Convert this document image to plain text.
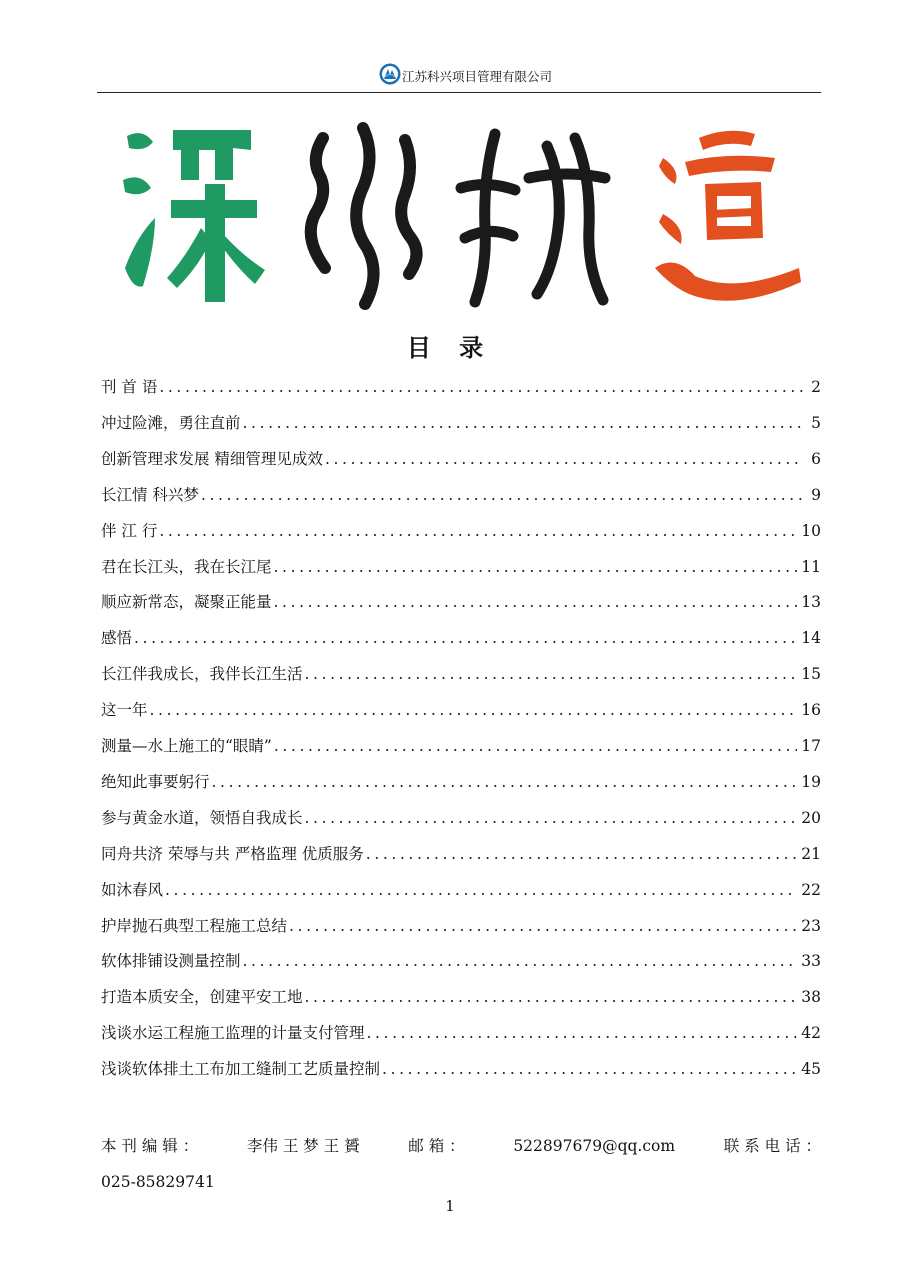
江苏科兴项目管理有限公司
目 录
刊 首 语 .....	2
冲过险滩，勇往直前 .....	5
创新管理求发展 精细管理见成效 .....	6
长江情 科兴梦 .....	9
伴 江 行 .....	10
君在长江头，我在长江尾 .....	11
顺应新常态，凝聚正能量 .....	13
感悟 .....	14
长江伴我成长，我伴长江生活 .....	15
这一年 .....	16
测量—水上施工的“眼睛” .....	17
绝知此事要躬行 .....	19
参与黄金水道，领悟自我成长 .....	20
同舟共济 荣辱与共 严格监理 优质服务 .....	21
如沐春风 .....	22
护岸抛石典型工程施工总结 .....	23
软体排铺设测量控制 .....	33
打造本质安全，创建平安工地 .....	38
浅谈水运工程施工监理的计量支付管理 .....	42
浅谈软体排土工布加工缝制工艺质量控制 .....	45
本 刊 编 辑 ：	李伟 王 梦 王 贇	邮 箱 ：	522897679@qq.com	联 系 电 话 ：
025-85829741
1
